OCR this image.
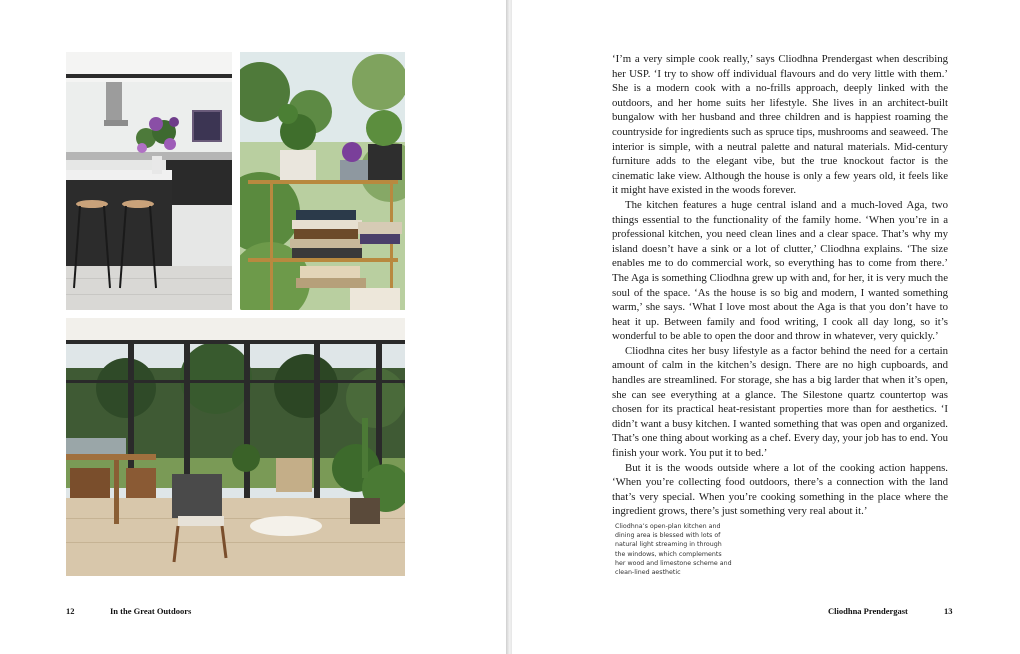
12	In the Great Outdoors

‘I’m a very simple cook really,’ says Cliodhna Prendergast when describing her USP. ‘I try to show off individual flavours and do very little with them.’ She is a modern cook with a no-frills approach, deeply linked with the outdoors, and her home suits her lifestyle. She lives in an architect-built bungalow with her husband and three children and is happiest roaming the countryside for ingredients such as spruce tips, mushrooms and seaweed. The interior is simple, with a neutral palette and natural materials. Mid-century furniture adds to the elegant vibe, but the true knockout factor is the cinematic lake view. Although the house is only a few years old, it feels like it might have existed in the woods forever.

The kitchen features a huge central island and a much-loved Aga, two things essential to the functionality of the family home. ‘When you’re in a professional kitchen, you need clean lines and a clear space. That’s why my island doesn’t have a sink or a lot of clutter,’ Cliodhna explains. ‘The size enables me to do commercial work, so everything has to come from there.’ The Aga is something Cliodhna grew up with and, for her, it is very much the soul of the space. ‘As the house is so big and modern, I wanted something warm,’ she says. ‘What I love most about the Aga is that you don’t have to heat it up. Between family and food writing, I cook all day long, so it’s wonderful to be able to open the door and throw in whatever, very quickly.’

Cliodhna cites her busy lifestyle as a factor behind the need for a certain amount of calm in the kitchen’s design. There are no high cupboards, and handles are streamlined. For storage, she has a big larder that when it’s open, she can see everything at a glance. The Silestone quartz countertop was chosen for its practical heat-resistant properties more than for aesthetics. ‘I didn’t want a busy kitchen. I wanted something that was open and organized. That’s one thing about working as a chef. Every day, your job has to end. You finish your work. You put it to bed.’

But it is the woods outside where a lot of the cooking action happens. ‘When you’re collecting food outdoors, there’s a connection with the land that’s very special. When you’re cooking something in the place where the ingredient grows, there’s just something very real about it.’

Cliodhna’s open-plan kitchen and dining area is blessed with lots of natural light streaming in through the windows, which complements her wood and limestone scheme and clean-lined aesthetic
Cliodhna Prendergast	13
